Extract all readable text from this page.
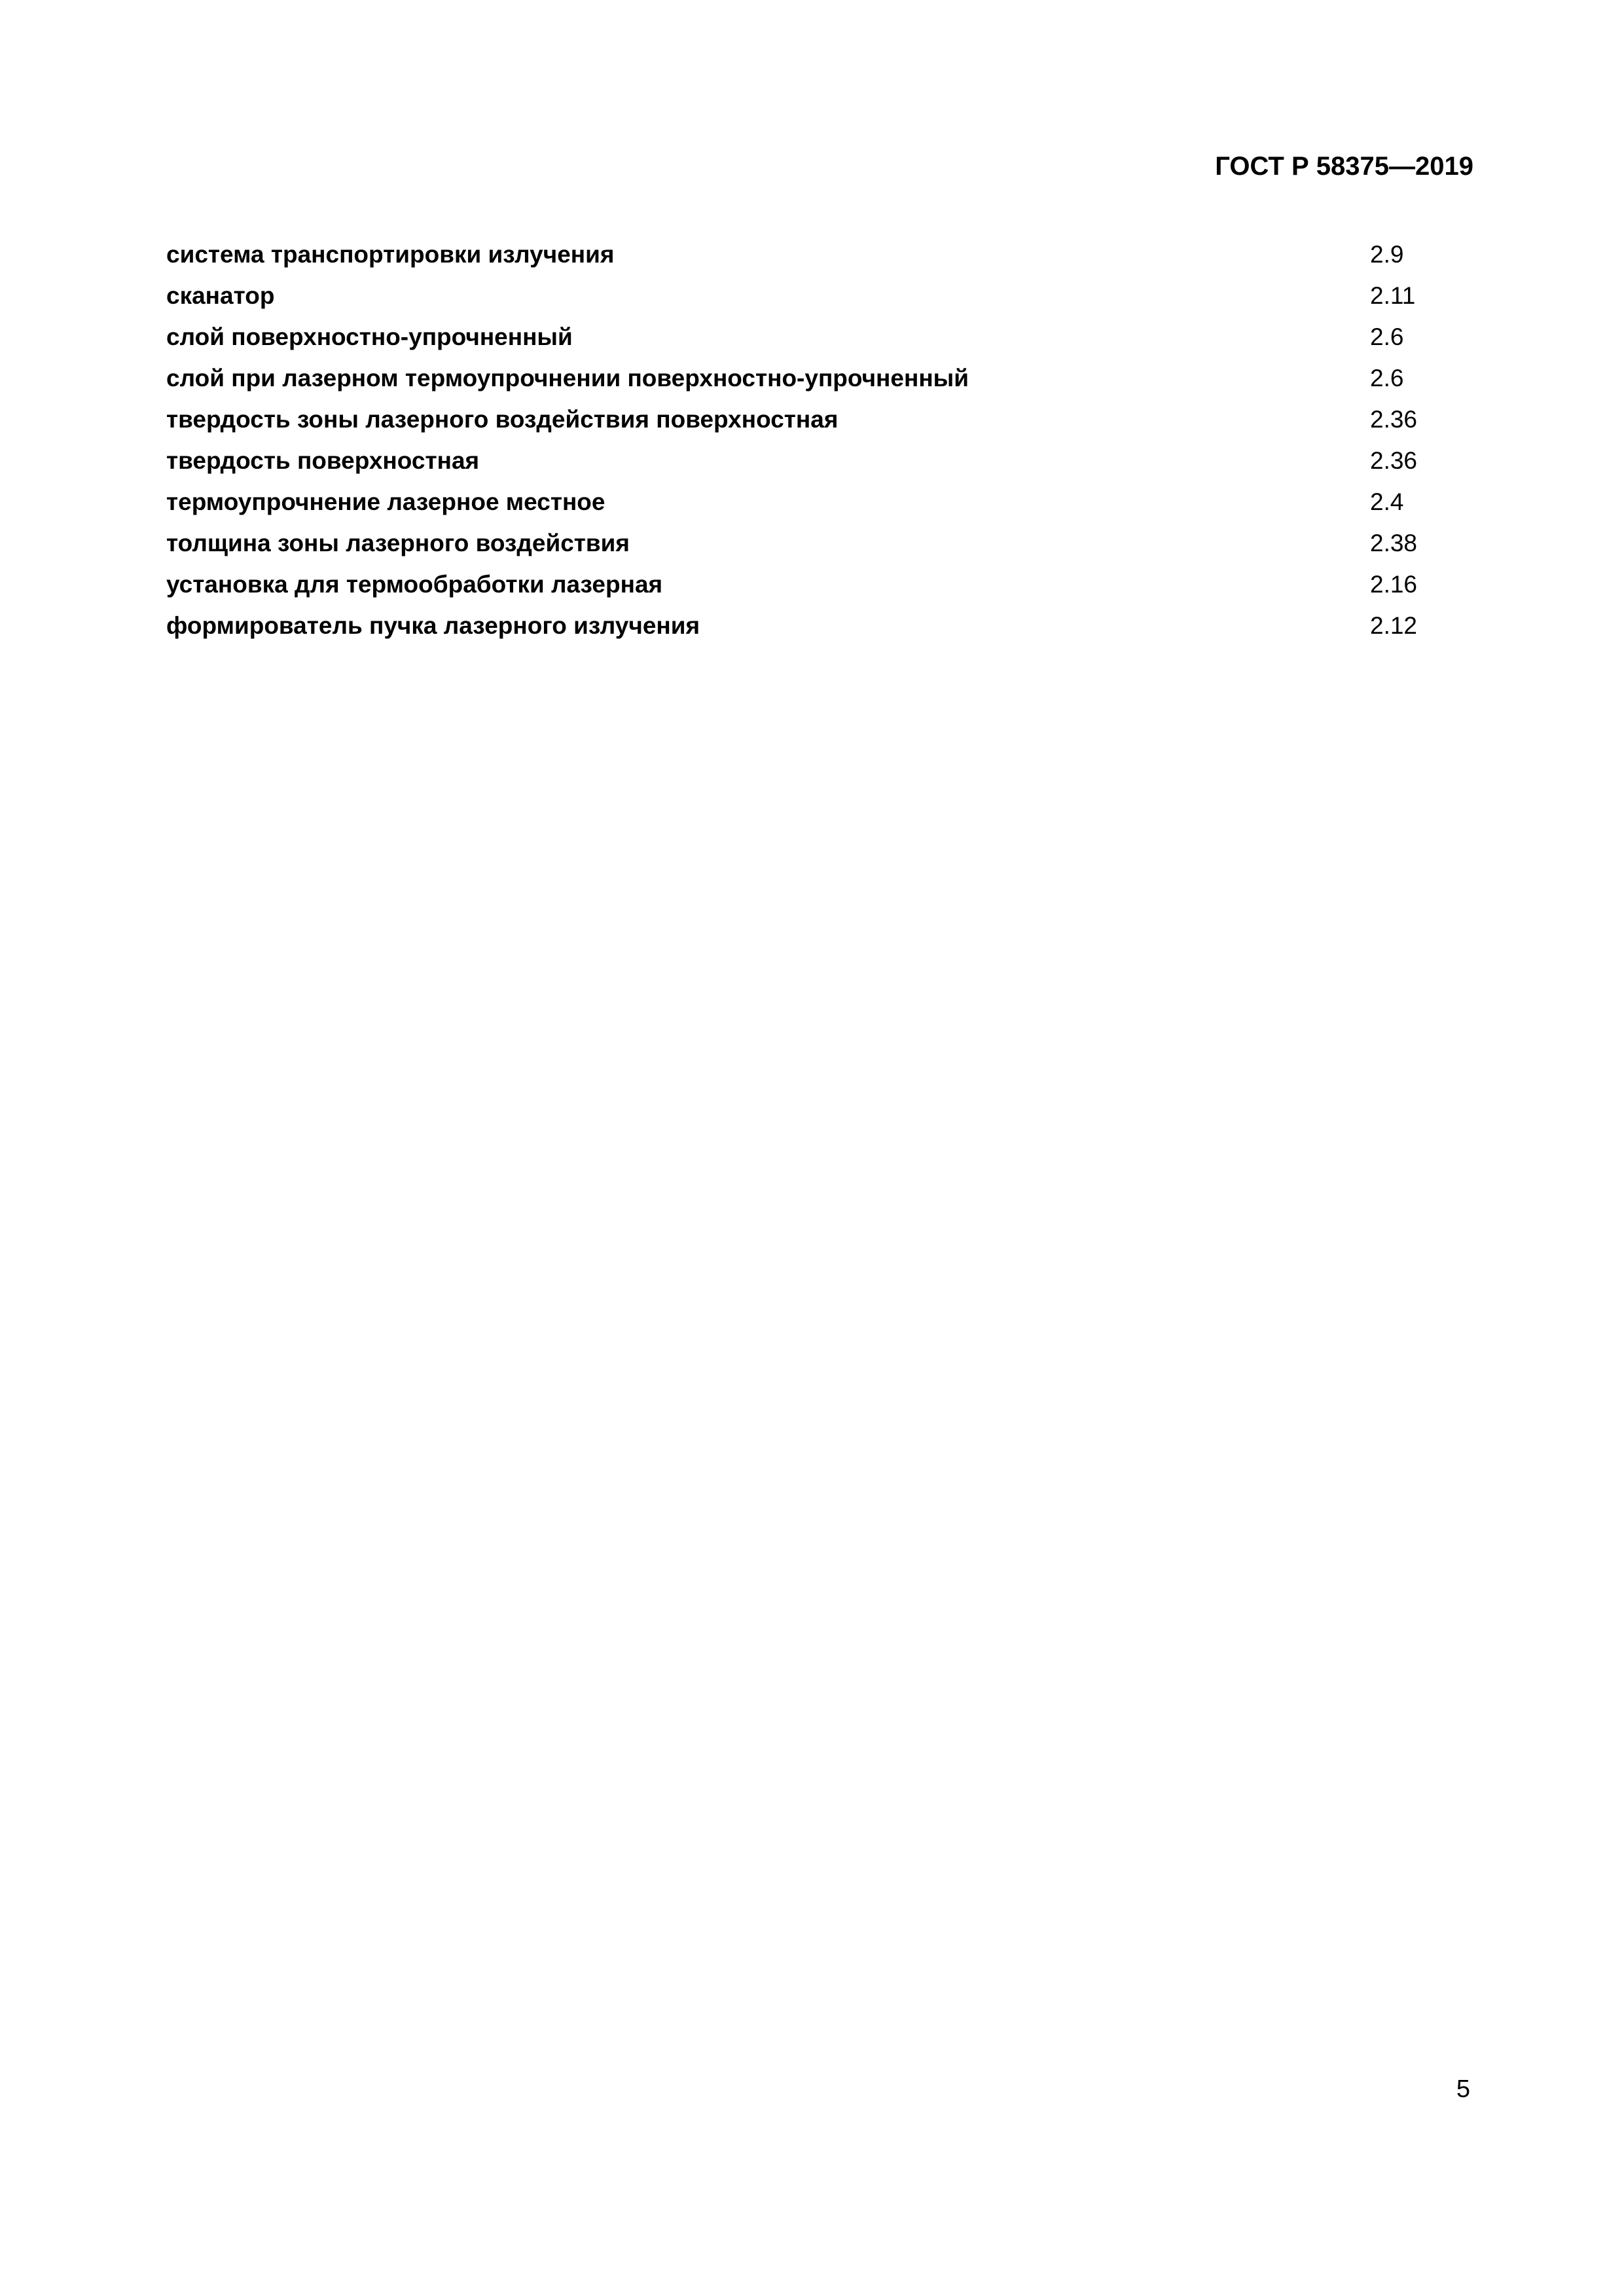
ГОСТ Р 58375—2019
система транспортировки излучения	2.9
сканатор	2.11
слой поверхностно-упрочненный	2.6
слой при лазерном термоупрочнении поверхностно-упрочненный	2.6
твердость зоны лазерного воздействия поверхностная	2.36
твердость поверхностная	2.36
термоупрочнение лазерное местное	2.4
толщина зоны лазерного воздействия	2.38
установка для термообработки лазерная	2.16
формирователь пучка лазерного излучения	2.12
5
